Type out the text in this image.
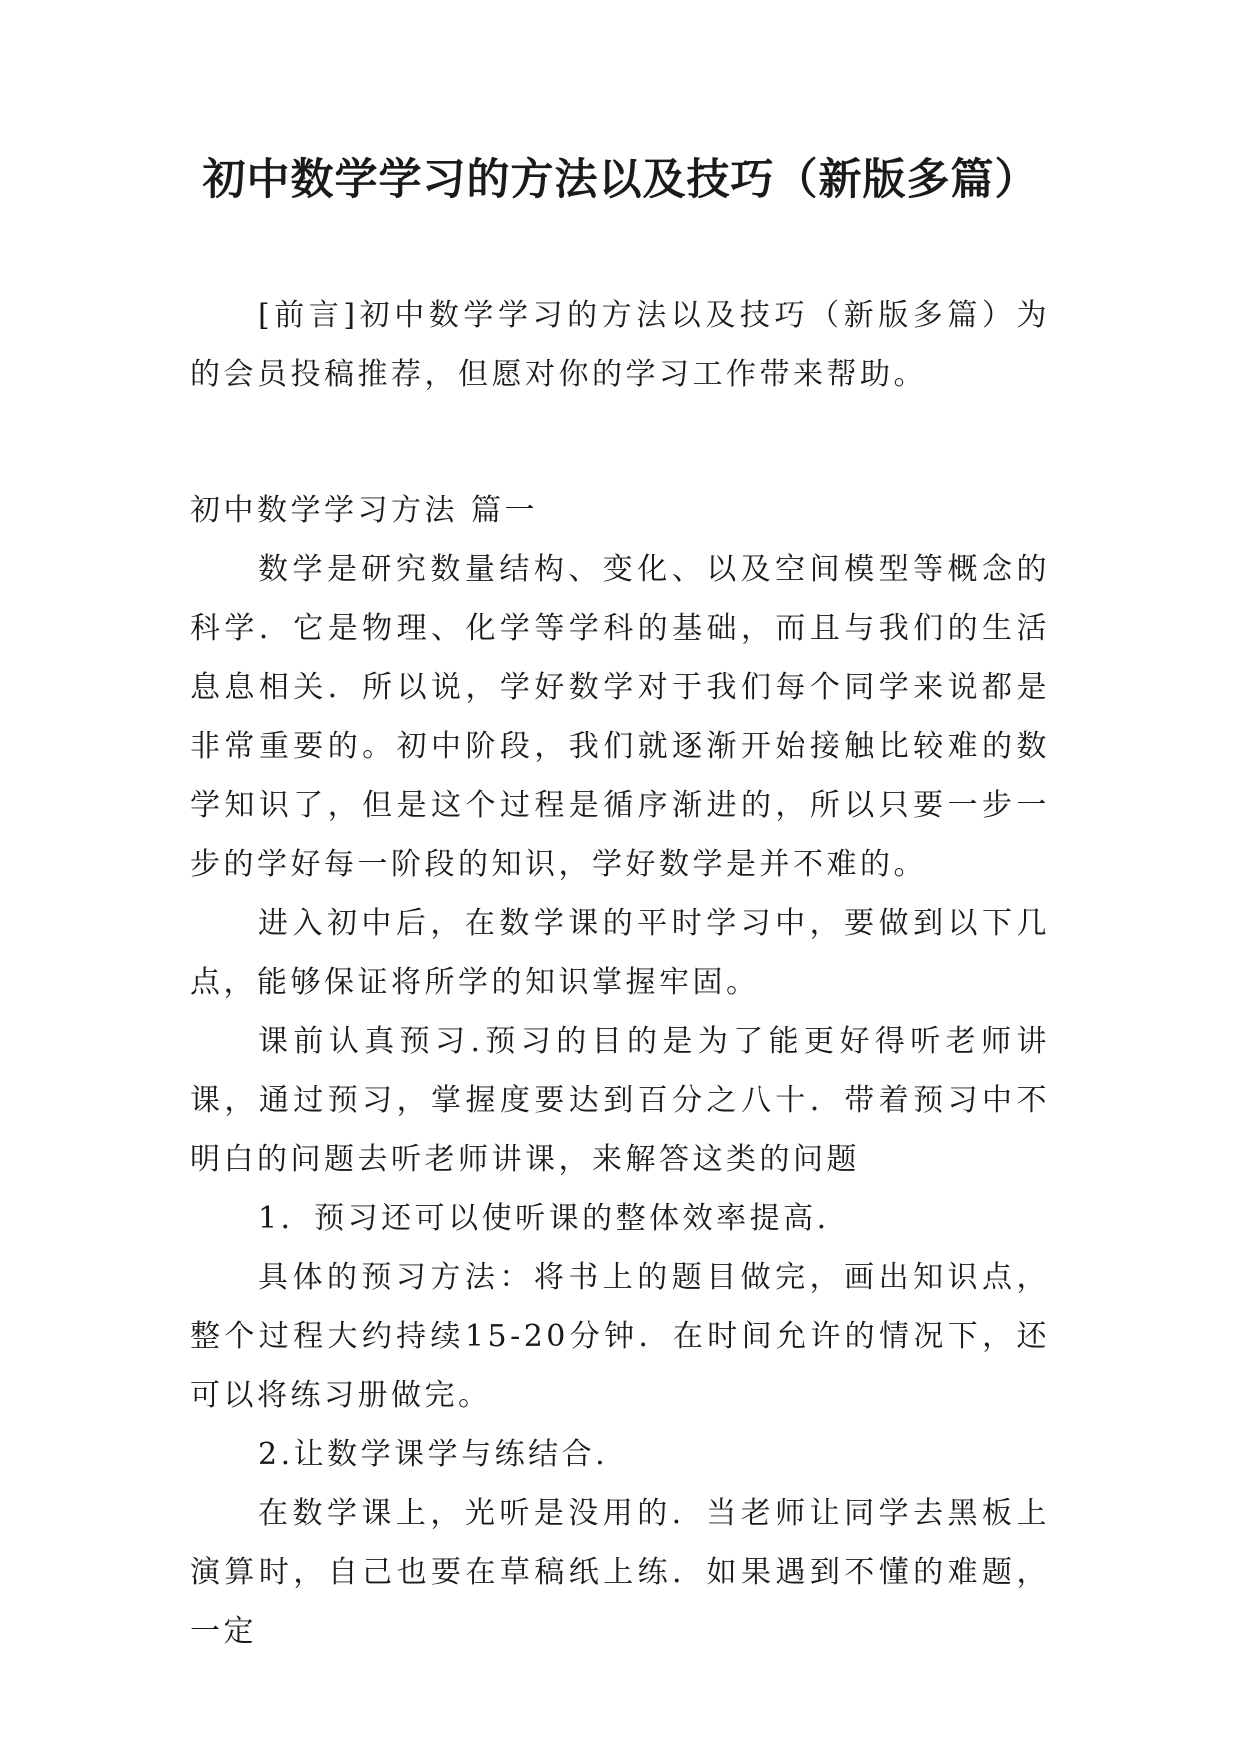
初中数学学习的方法以及技巧（新版多篇）

[前言]初中数学学习的方法以及技巧（新版多篇）为的会员投稿推荐，但愿对你的学习工作带来帮助。

初中数学学习方法 篇一

数学是研究数量结构、变化、以及空间模型等概念的科学．它是物理、化学等学科的基础，而且与我们的生活息息相关．所以说，学好数学对于我们每个同学来说都是非常重要的。初中阶段，我们就逐渐开始接触比较难的数学知识了，但是这个过程是循序渐进的，所以只要一步一步的学好每一阶段的知识，学好数学是并不难的。

进入初中后，在数学课的平时学习中，要做到以下几点，能够保证将所学的知识掌握牢固。

课前认真预习.预习的目的是为了能更好得听老师讲课，通过预习，掌握度要达到百分之八十．带着预习中不明白的问题去听老师讲课，来解答这类的问题

1．预习还可以使听课的整体效率提高.

具体的预习方法：将书上的题目做完，画出知识点，整个过程大约持续15-20分钟．在时间允许的情况下，还可以将练习册做完。

2.让数学课学与练结合.

在数学课上，光听是没用的．当老师让同学去黑板上演算时，自己也要在草稿纸上练．如果遇到不懂的难题，一定
